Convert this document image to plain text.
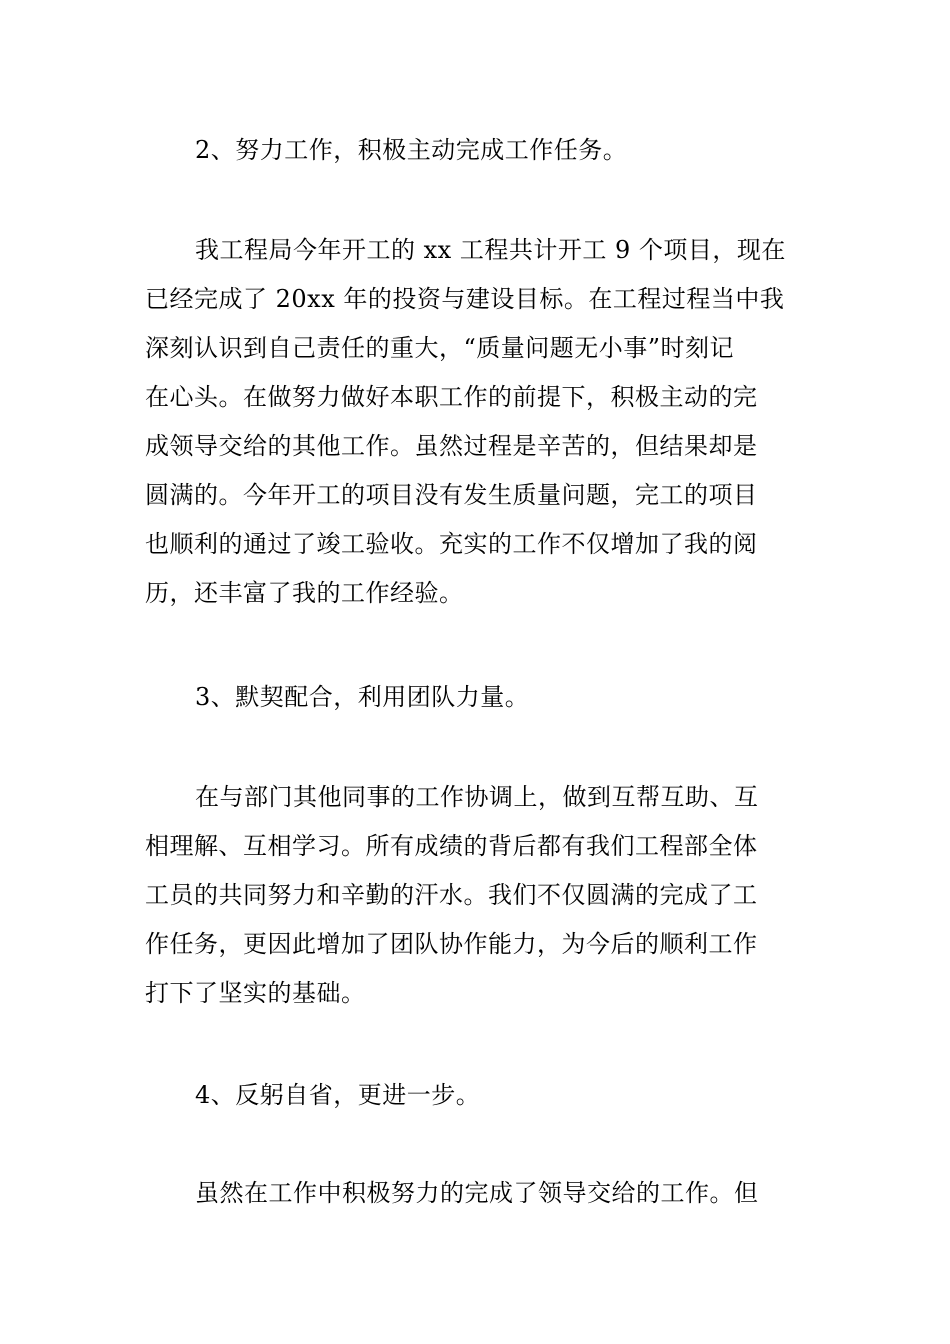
2、努力工作，积极主动完成工作任务。
我工程局今年开工的 xx 工程共计开工 9 个项目，现在
已经完成了 20xx 年的投资与建设目标。在工程过程当中我
深刻认识到自己责任的重大，“质量问题无小事”时刻记
在心头。在做努力做好本职工作的前提下，积极主动的完
成领导交给的其他工作。虽然过程是辛苦的，但结果却是
圆满的。今年开工的项目没有发生质量问题，完工的项目
也顺利的通过了竣工验收。充实的工作不仅增加了我的阅
历，还丰富了我的工作经验。
3、默契配合，利用团队力量。
在与部门其他同事的工作协调上，做到互帮互助、互
相理解、互相学习。所有成绩的背后都有我们工程部全体
工员的共同努力和辛勤的汗水。我们不仅圆满的完成了工
作任务，更因此增加了团队协作能力，为今后的顺利工作
打下了坚实的基础。
4、反躬自省，更进一步。
虽然在工作中积极努力的完成了领导交给的工作。但
